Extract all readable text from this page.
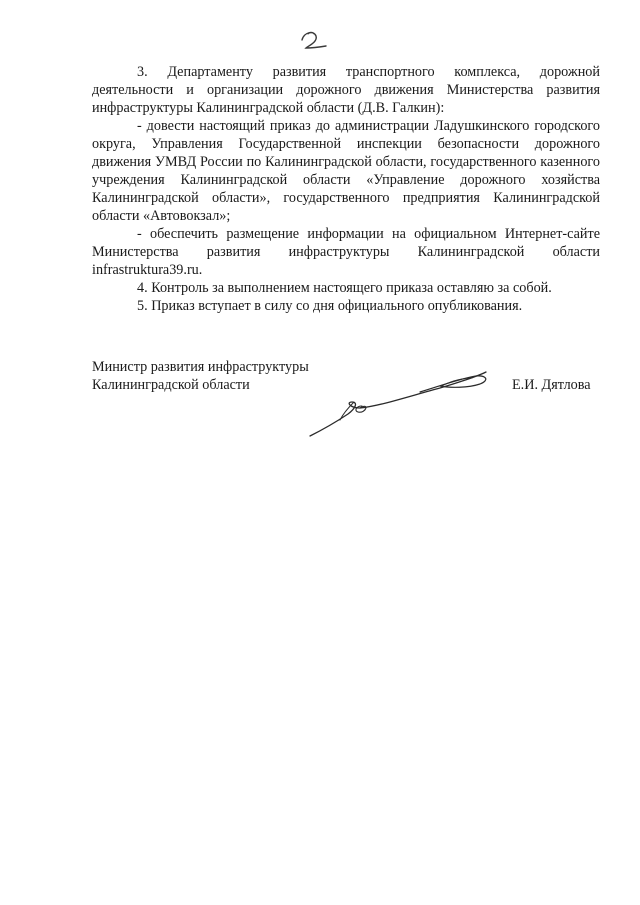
3. Департаменту развития транспортного комплекса, дорожной деятельности и организации дорожного движения Министерства развития инфраструктуры Калининградской области (Д.В. Галкин):

- довести настоящий приказ до администрации Ладушкинского городского округа, Управления Государственной инспекции безопасности дорожного движения УМВД России по Калининградской области, государственного казенного учреждения Калининградской области «Управление дорожного хозяйства Калининградской области», государственного предприятия Калининградской области «Автовокзал»;

- обеспечить размещение информации на официальном Интернет-сайте Министерства развития инфраструктуры Калининградской области infrastruktura39.ru.

4. Контроль за выполнением настоящего приказа оставляю за собой.

5. Приказ вступает в силу со дня официального опубликования.

Министр развития инфраструктуры
Калининградской области	Е.И. Дятлова
